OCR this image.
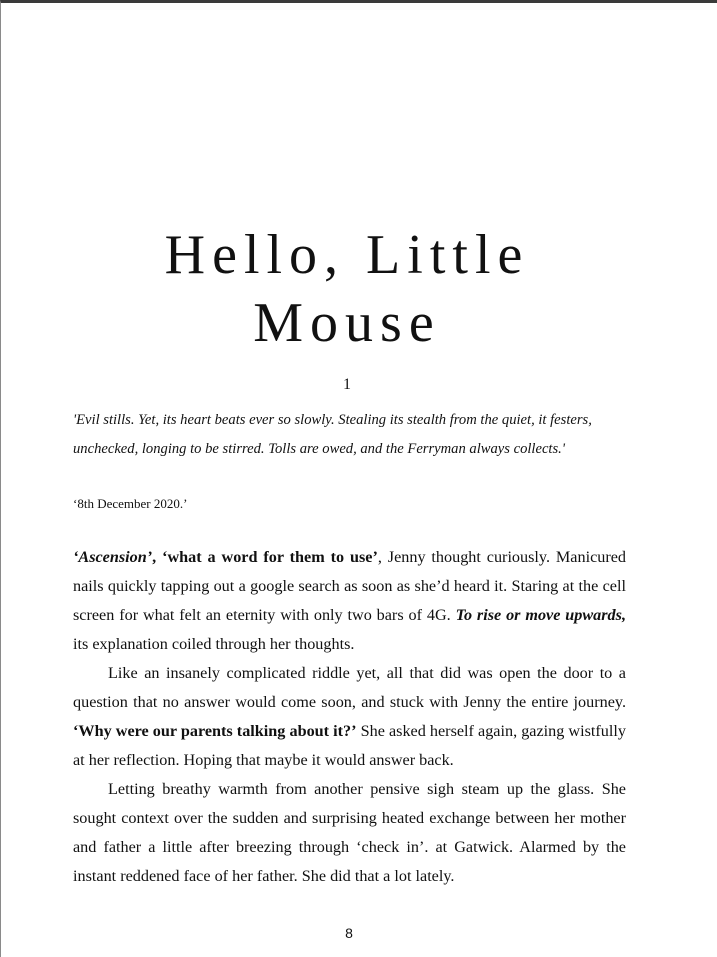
Hello, Little
Mouse

1

'Evil stills. Yet, its heart beats ever so slowly. Stealing its stealth from the quiet, it festers, unchecked, longing to be stirred. Tolls are owed, and the Ferryman always collects.'

‘8th December 2020.’

‘Ascension’, ‘what a word for them to use’, Jenny thought curiously. Manicured nails quickly tapping out a google search as soon as she’d heard it. Staring at the cell screen for what felt an eternity with only two bars of 4G. To rise or move upwards, its explanation coiled through her thoughts.

Like an insanely complicated riddle yet, all that did was open the door to a question that no answer would come soon, and stuck with Jenny the entire journey. ‘Why were our parents talking about it?’ She asked herself again, gazing wistfully at her reflection. Hoping that maybe it would answer back.

Letting breathy warmth from another pensive sigh steam up the glass. She sought context over the sudden and surprising heated exchange between her mother and father a little after breezing through ‘check in’. at Gatwick. Alarmed by the instant reddened face of her father. She did that a lot lately.

8
